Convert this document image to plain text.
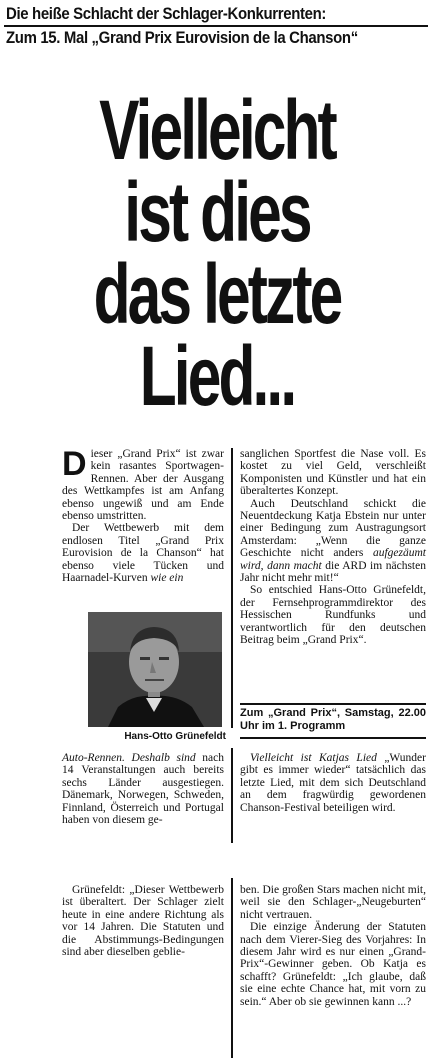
Die heiße Schlacht der Schlager-Konkurrenten:
Zum 15. Mal „Grand Prix Eurovision de la Chanson“
Vielleicht
ist dies
das letzte
Lied...

Dieser „Grand Prix“ ist zwar kein rasantes Sportwagen-Rennen. Aber der Ausgang des Wettkampfes ist am Anfang ebenso ungewiß und am Ende ebenso umstritten.

Der Wettbewerb mit dem endlosen Titel „Grand Prix Eurovision de la Chanson“ hat ebenso viele Tücken und Haarnadel-Kurven wie ein

sanglichen Sportfest die Nase voll. Es kostet zu viel Geld, verschleißt Komponisten und Künstler und hat ein überaltertes Konzept.

Auch Deutschland schickt die Neuentdeckung Katja Ebstein nur unter einer Bedingung zum Austragungsort Amsterdam: „Wenn die ganze Geschichte nicht anders aufgezäumt wird, dann macht die ARD im nächsten Jahr nicht mehr mit!“

So entschied Hans-Otto Grünefeldt, der Fernsehprogrammdirektor des Hessischen Rundfunks und verantwortlich für den deutschen Beitrag beim „Grand Prix“.

Hans-Otto Grünefeldt
Zum „Grand Prix“, Samstag, 22.00 Uhr im 1. Programm

Auto-Rennen. Deshalb sind nach 14 Veranstaltungen auch bereits sechs Länder ausgestiegen. Dänemark, Norwegen, Schweden, Finnland, Österreich und Portugal haben von diesem ge-

Vielleicht ist Katjas Lied „Wunder gibt es immer wieder“ tatsächlich das letzte Lied, mit dem sich Deutschland an dem fragwürdig gewordenen Chanson-Festival beteiligen wird.

Grünefeldt: „Dieser Wettbewerb ist überaltert. Der Schlager zielt heute in eine andere Richtung als vor 14 Jahren. Die Statuten und die Abstimmungs-Bedingungen sind aber dieselben geblie-

ben. Die großen Stars machen nicht mit, weil sie den Schlager-„Neugeburten“ nicht vertrauen.

Die einzige Änderung der Statuten nach dem Vierer-Sieg des Vorjahres: In diesem Jahr wird es nur einen „Grand-Prix“-Gewinner geben. Ob Katja es schafft? Grünefeldt: „Ich glaube, daß sie eine echte Chance hat, mit vorn zu sein.“ Aber ob sie gewinnen kann ...?
